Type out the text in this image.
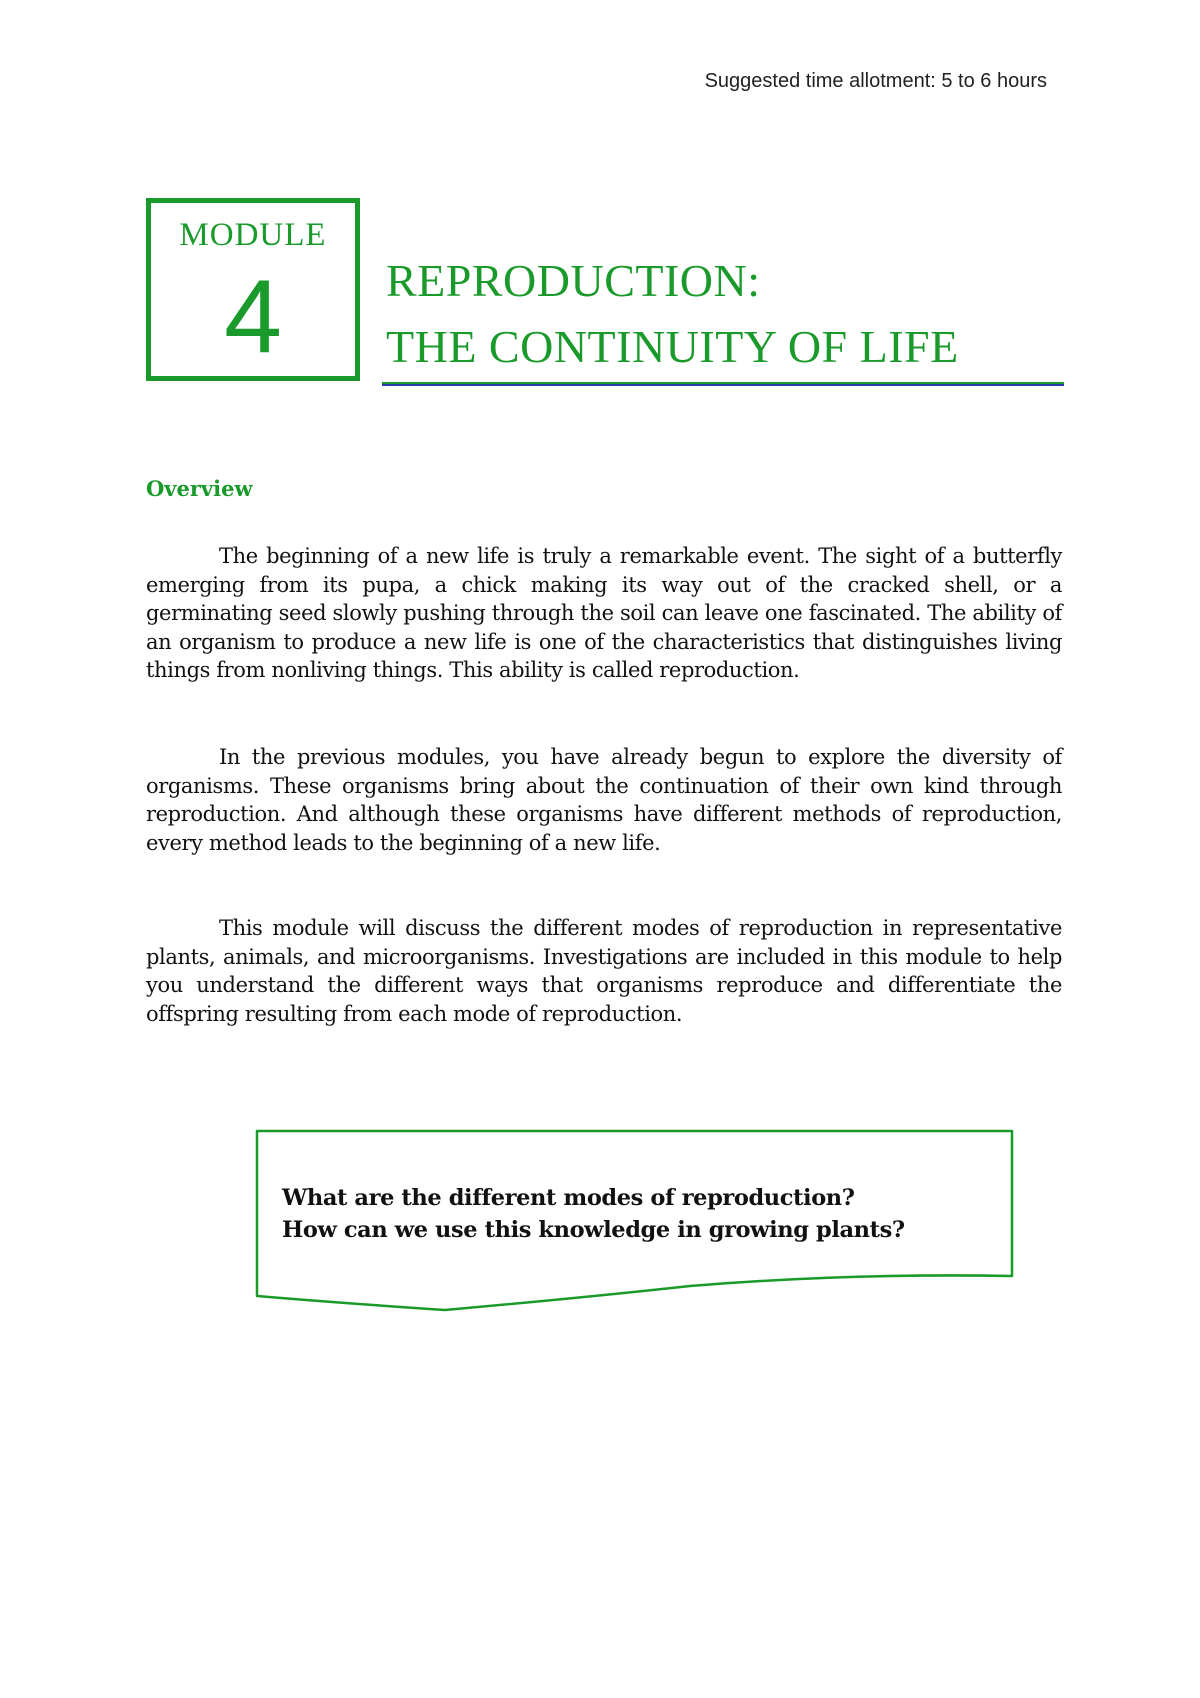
Suggested time allotment: 5 to 6 hours
MODULE
4	REPRODUCTION:
THE CONTINUITY OF LIFE
Overview

The beginning of a new life is truly a remarkable event. The sight of a butterfly emerging from its pupa, a chick making its way out of the cracked shell, or a germinating seed slowly pushing through the soil can leave one fascinated. The ability of an organism to produce a new life is one of the characteristics that distinguishes living things from nonliving things. This ability is called reproduction.

In the previous modules, you have already begun to explore the diversity of organisms. These organisms bring about the continuation of their own kind through reproduction. And although these organisms have different methods of reproduction, every method leads to the beginning of a new life.

This module will discuss the different modes of reproduction in representative plants, animals, and microorganisms. Investigations are included in this module to help you understand the different ways that organisms reproduce and differentiate the offspring resulting from each mode of reproduction.

What are the different modes of reproduction?
How can we use this knowledge in growing plants?
